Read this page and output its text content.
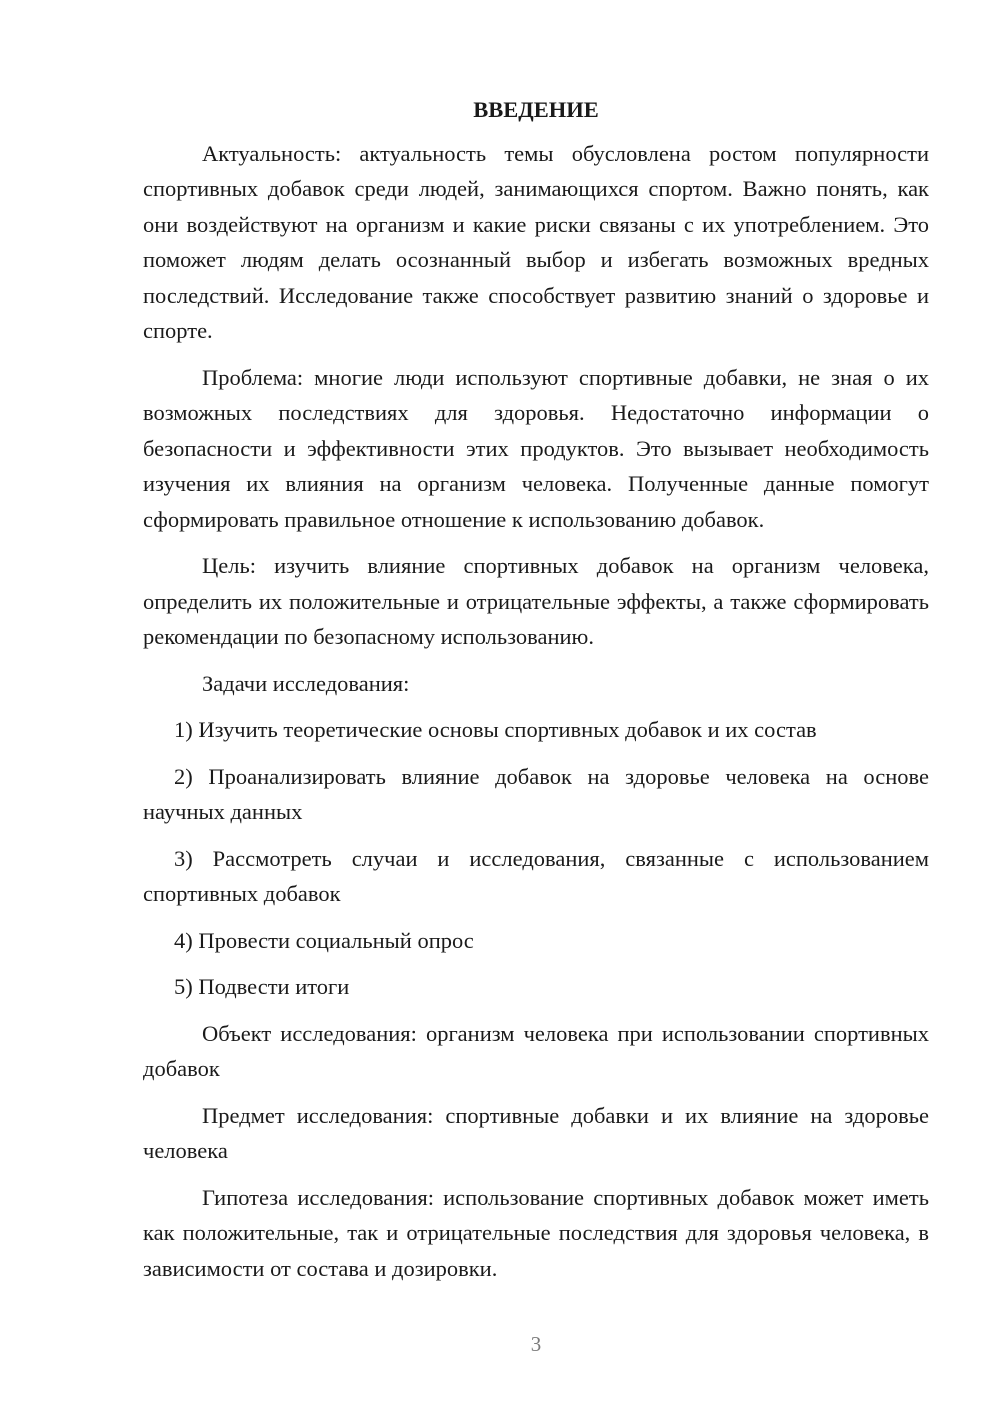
ВВЕДЕНИЕ

Актуальность: актуальность темы обусловлена ростом популярности спортивных добавок среди людей, занимающихся спортом. Важно понять, как они воздействуют на организм и какие риски связаны с их употреблением. Это поможет людям делать осознанный выбор и избегать возможных вредных последствий. Исследование также способствует развитию знаний о здоровье и спорте.

Проблема: многие люди используют спортивные добавки, не зная о их возможных последствиях для здоровья. Недостаточно информации о безопасности и эффективности этих продуктов. Это вызывает необходимость изучения их влияния на организм человека. Полученные данные помогут сформировать правильное отношение к использованию добавок.

Цель: изучить влияние спортивных добавок на организм человека, определить их положительные и отрицательные эффекты, а также сформировать рекомендации по безопасному использованию.

Задачи исследования:

1) Изучить теоретические основы спортивных добавок и их состав

2) Проанализировать влияние добавок на здоровье человека на основе научных данных

3) Рассмотреть случаи и исследования, связанные с использованием спортивных добавок

4) Провести социальный опрос

5) Подвести итоги

Объект исследования: организм человека при использовании спортивных добавок

Предмет исследования: спортивные добавки и их влияние на здоровье человека

Гипотеза исследования: использование спортивных добавок может иметь как положительные, так и отрицательные последствия для здоровья человека, в зависимости от состава и дозировки.

3
